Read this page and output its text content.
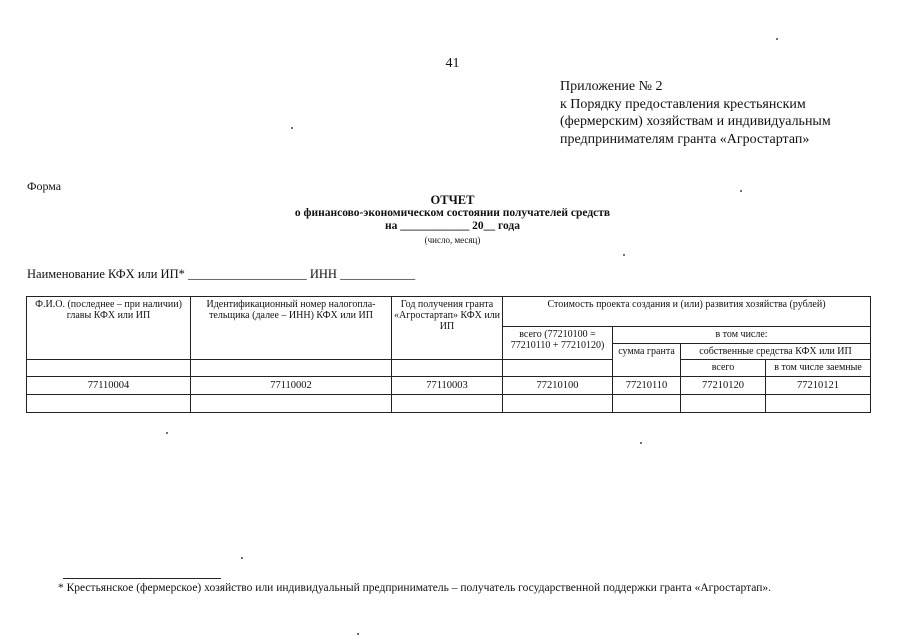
41
Приложение № 2
к Порядку предоставления крестьянским
(фермерским) хозяйствам и индивидуальным
предпринимателям гранта «Агростартап»
Форма
ОТЧЕТ
о финансово-экономическом состоянии получателей средств
на ____________ 20__ года
(число, месяц)
Наименование КФХ или ИП* ___________________ ИНН ____________
Ф.И.О. (последнее – при наличии) главы КФХ или ИП	Идентификационный номер налогопла-тельщика (далее – ИНН) КФХ или ИП	Год получения гранта «Агростартап» КФХ или ИП	Стоимость проекта создания и (или) развития хозяйства (рублей)			
			всего (77210100 = 77210110 + 77210120)	в том числе:		
				сумма гранта	собственные средства КФХ или ИП	
					всего	в том числе заемные
77110004	77110002	77110003	77210100	77210110	77210120	77210121

* Крестьянское (фермерское) хозяйство или индивидуальный предприниматель – получатель государственной поддержки гранта «Агростартап».
